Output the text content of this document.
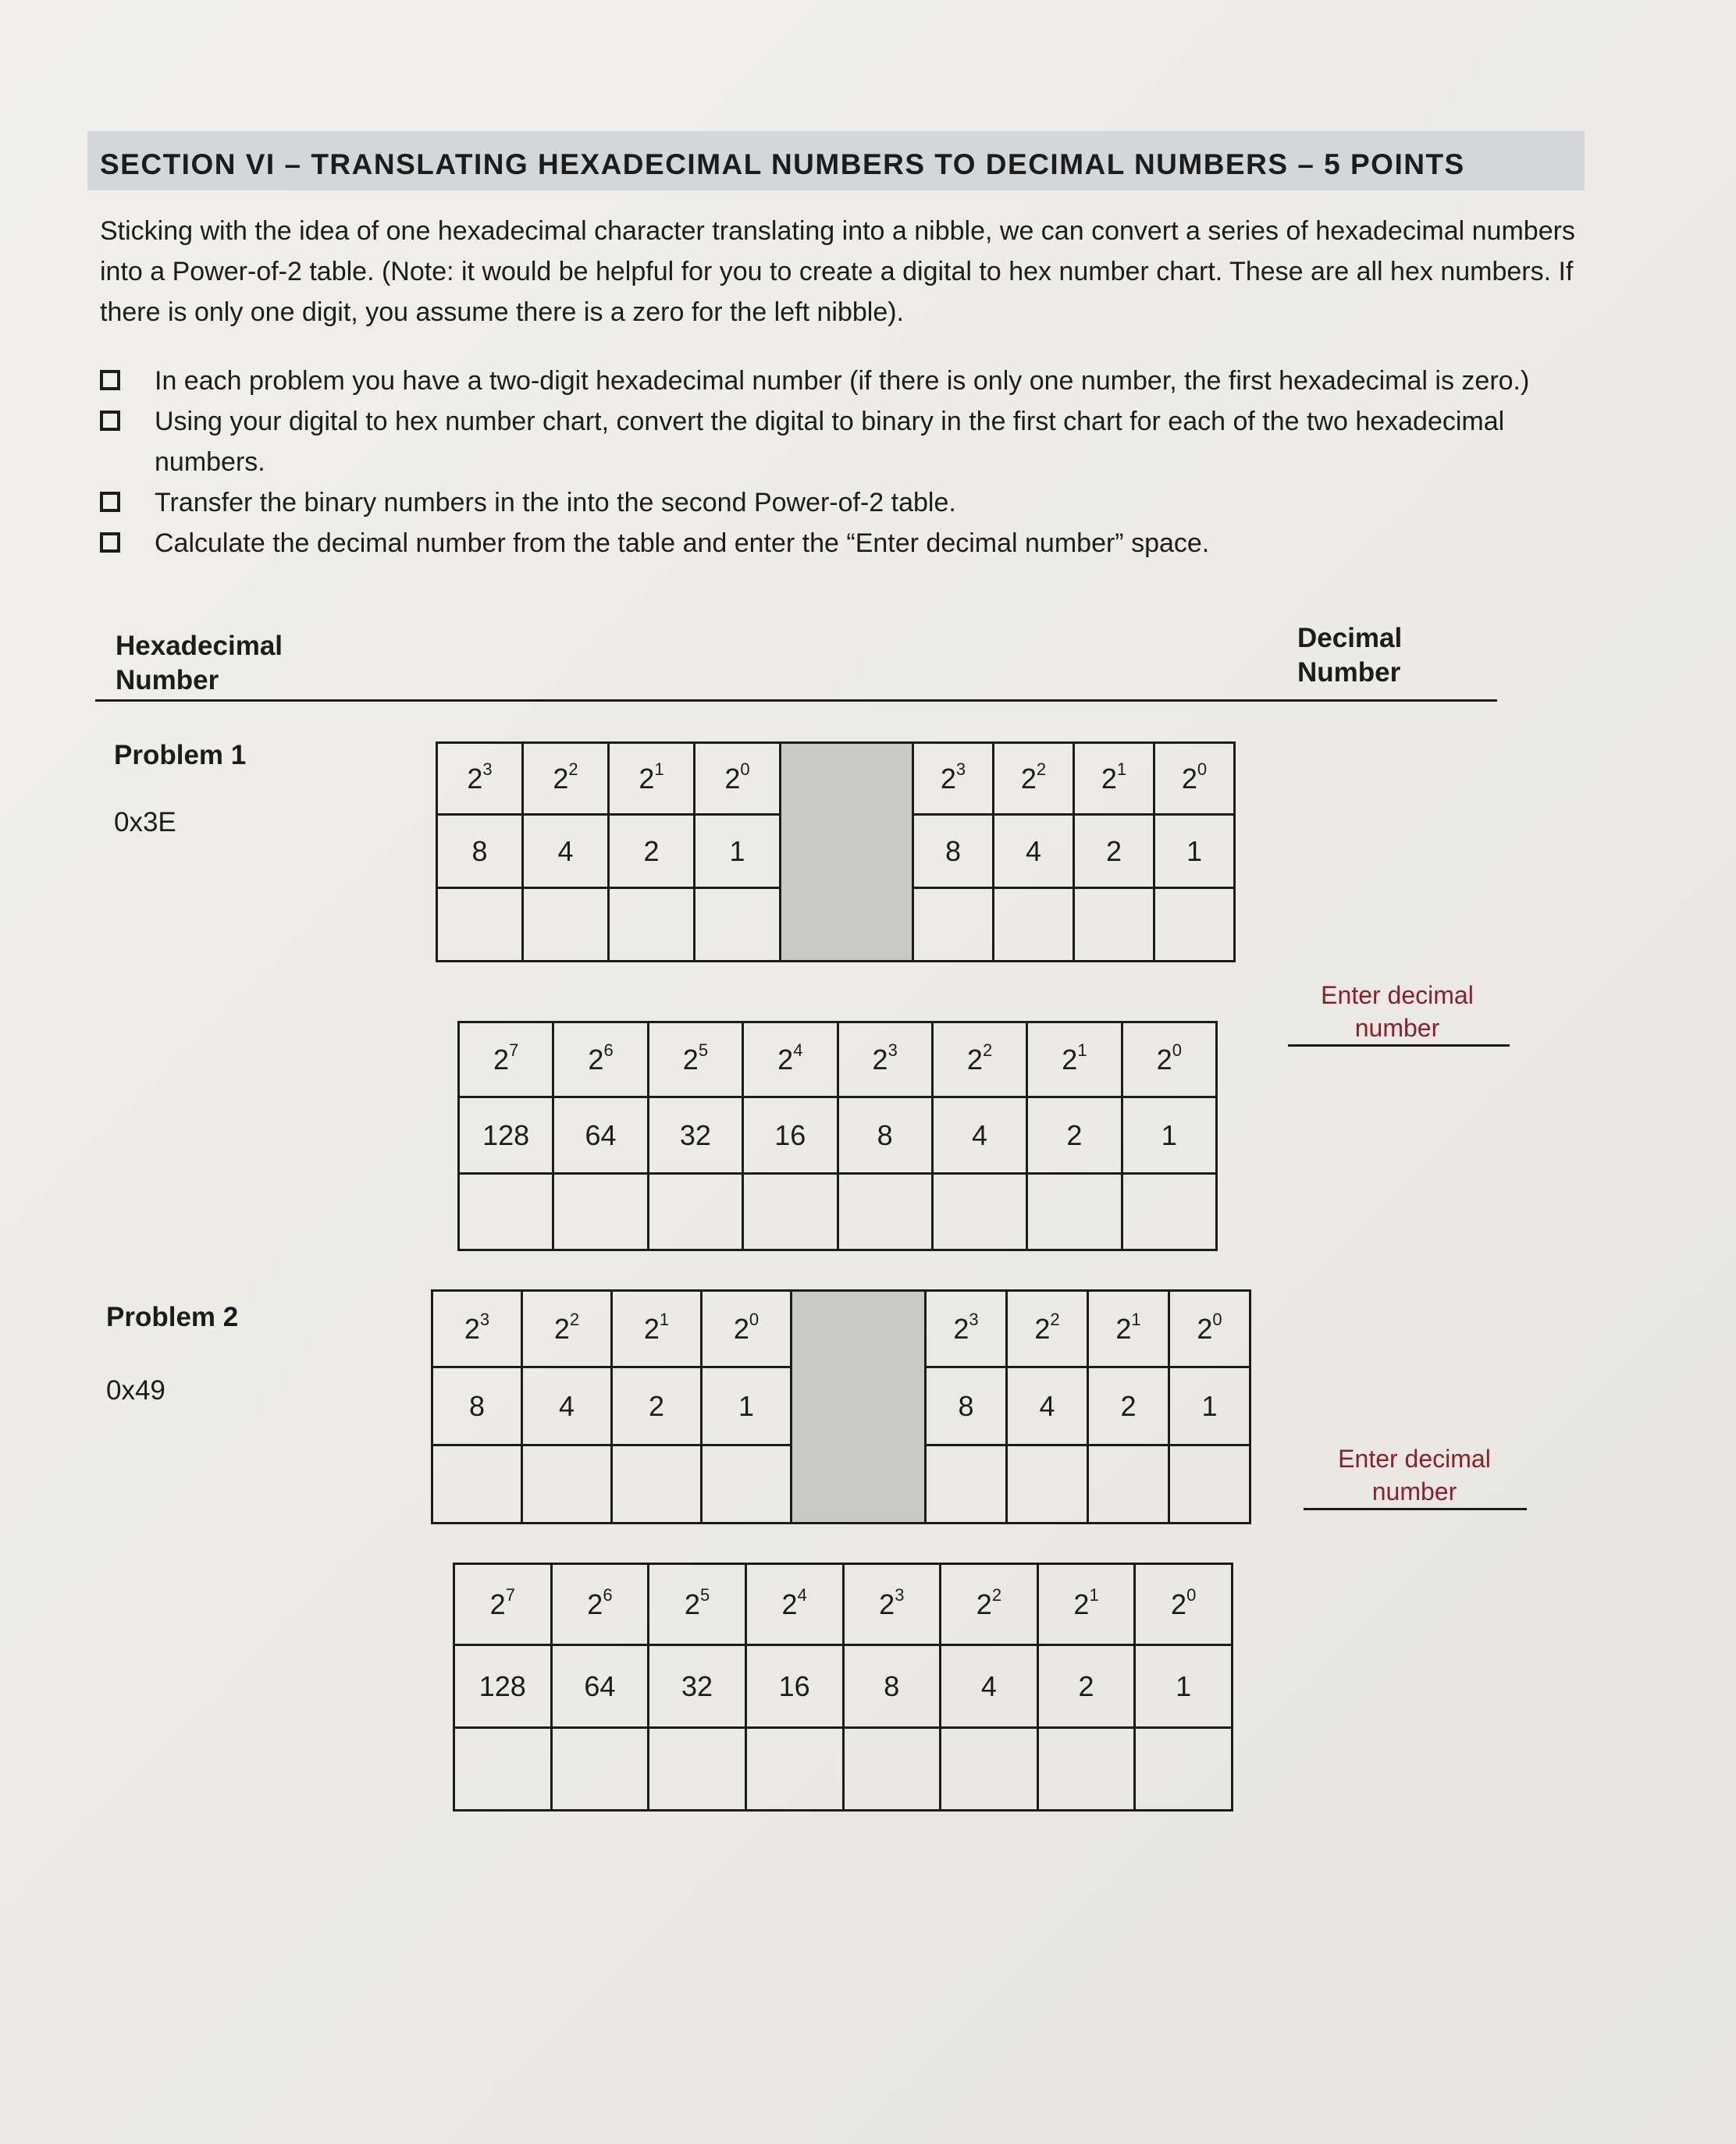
SECTION VI – TRANSLATING HEXADECIMAL NUMBERS TO DECIMAL NUMBERS – 5 POINTS
Sticking with the idea of one hexadecimal character translating into a nibble, we can convert a series of hexadecimal numbers into a Power-of-2 table. (Note: it would be helpful for you to create a digital to hex number chart. These are all hex numbers. If there is only one digit, you assume there is a zero for the left nibble).
In each problem you have a two-digit hexadecimal number (if there is only one number, the first hexadecimal is zero.)
Using your digital to hex number chart, convert the digital to binary in the first chart for each of the two hexadecimal numbers.
Transfer the binary numbers in the into the second Power-of-2 table.
Calculate the decimal number from the table and enter the “Enter decimal number” space.
Hexadecimal
Number
Decimal
Number
Problem 1
0x3E
$2^3$	$2^2$	$2^1$	$2^0$		$2^3$	$2^2$	$2^1$	$2^0$
8	4	2	1		8	4	2	1

Enter decimal
number
$2^7$	$2^6$	$2^5$	$2^4$	$2^3$	$2^2$	$2^1$	$2^0$
128	64	32	16	8	4	2	1

Problem 2
0x49
$2^3$	$2^2$	$2^1$	$2^0$		$2^3$	$2^2$	$2^1$	$2^0$
8	4	2	1		8	4	2	1

Enter decimal
number
$2^7$	$2^6$	$2^5$	$2^4$	$2^3$	$2^2$	$2^1$	$2^0$
128	64	32	16	8	4	2	1
